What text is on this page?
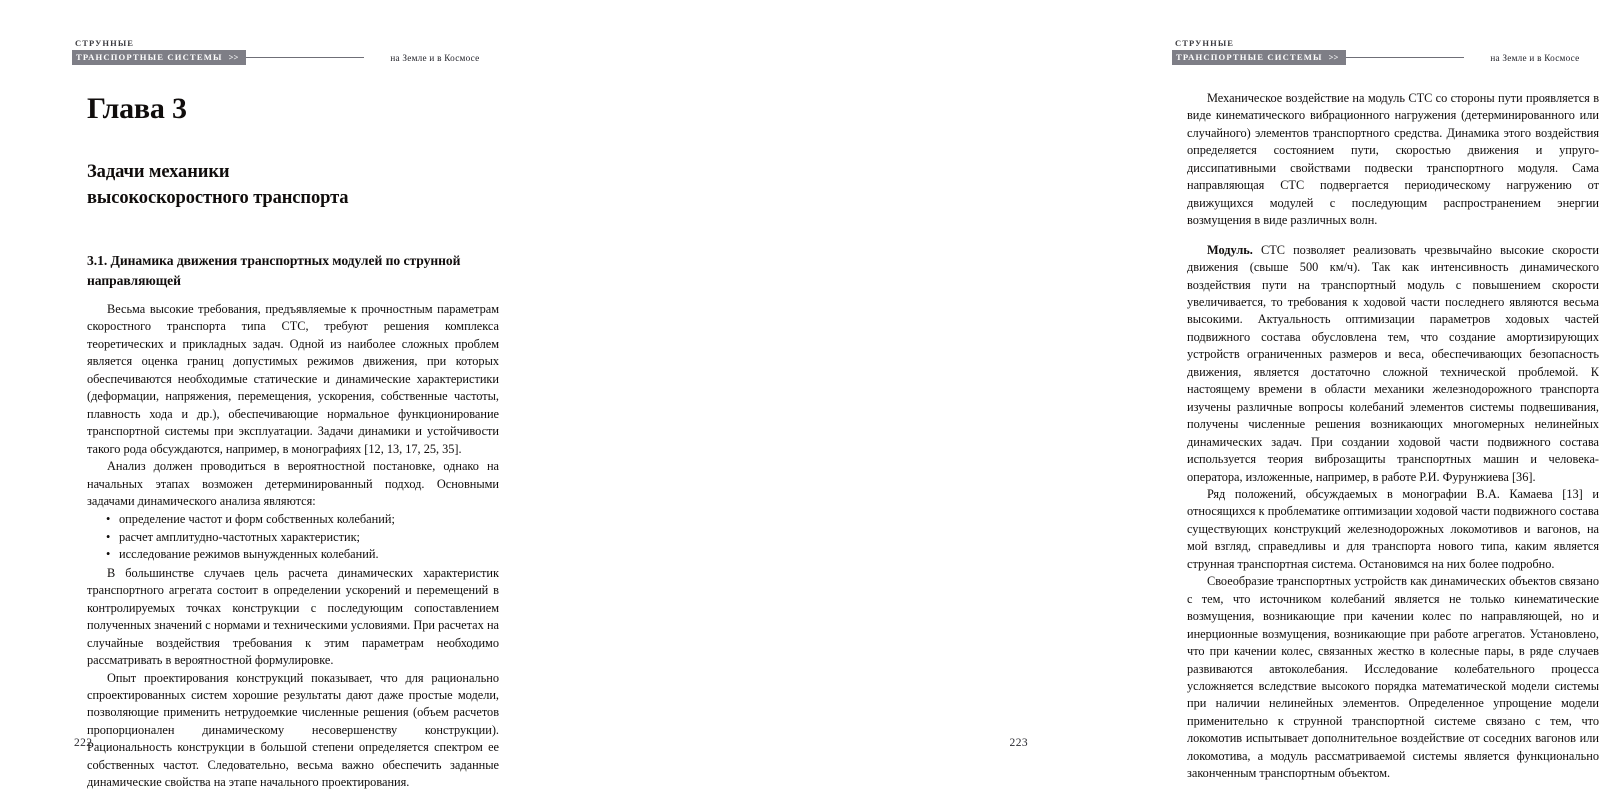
СТРУННЫЕ
ТРАНСПОРТНЫЕ СИСТЕМЫ >>	на Земле и в Космосе
Глава 3
Задачи механики
высокоскоростного транспорта
3.1. Динамика движения транспортных модулей по струнной направляющей

Весьма высокие требования, предъявляемые к прочностным параметрам скоростного транспорта типа СТС, требуют решения комплекса теоретических и прикладных задач. Одной из наиболее сложных проблем является оценка границ допустимых режимов движения, при которых обеспечиваются необходимые статические и динамические характеристики (деформации, напряжения, перемещения, ускорения, собственные частоты, плавность хода и др.), обеспечивающие нормальное функционирование транспортной системы при эксплуатации. Задачи динамики и устойчивости такого рода обсуждаются, например, в монографиях [12, 13, 17, 25, 35].

Анализ должен проводиться в вероятностной постановке, однако на начальных этапах возможен детерминированный подход. Основными задачами динамического анализа являются:

• определение частот и форм собственных колебаний;
• расчет амплитудно-частотных характеристик;
• исследование режимов вынужденных колебаний.

В большинстве случаев цель расчета динамических характеристик транспортного агрегата состоит в определении ускорений и перемещений в контролируемых точках конструкции с последующим сопоставлением полученных значений с нормами и техническими условиями. При расчетах на случайные воздействия требования к этим параметрам необходимо рассматривать в вероятностной формулировке.

Опыт проектирования конструкций показывает, что для рационально спроектированных систем хорошие результаты дают даже простые модели, позволяющие применить нетрудоемкие численные решения (объем расчетов пропорционален динамическому несовершенству конструкции). Рациональность конструкции в большой степени определяется спектром ее собственных частот. Следовательно, весьма важно обеспечить заданные динамические свойства на этапе начального проектирования.

222
СТРУННЫЕ
ТРАНСПОРТНЫЕ СИСТЕМЫ >>	на Земле и в Космосе

Механическое воздействие на модуль СТС со стороны пути проявляется в виде кинематического вибрационного нагружения (детерминированного или случайного) элементов транспортного средства. Динамика этого воздействия определяется состоянием пути, скоростью движения и упруго-диссипативными свойствами подвески транспортного модуля. Сама направляющая СТС подвергается периодическому нагружению от движущихся модулей с последующим распространением энергии возмущения в виде различных волн.

Модуль. СТС позволяет реализовать чрезвычайно высокие скорости движения (свыше 500 км/ч). Так как интенсивность динамического воздействия пути на транспортный модуль с повышением скорости увеличивается, то требования к ходовой части последнего являются весьма высокими. Актуальность оптимизации параметров ходовых частей подвижного состава обусловлена тем, что создание амортизирующих устройств ограниченных размеров и веса, обеспечивающих безопасность движения, является достаточно сложной технической проблемой. К настоящему времени в области механики железнодорожного транспорта изучены различные вопросы колебаний элементов системы подвешивания, получены численные решения возникающих многомерных нелинейных динамических задач. При создании ходовой части подвижного состава используется теория виброзащиты транспортных машин и человека-оператора, изложенные, например, в работе Р.И. Фурунжиева [36].

Ряд положений, обсуждаемых в монографии В.А. Камаева [13] и относящихся к проблематике оптимизации ходовой части подвижного состава существующих конструкций железнодорожных локомотивов и вагонов, на мой взгляд, справедливы и для транспорта нового типа, каким является струнная транспортная система. Остановимся на них более подробно.

Своеобразие транспортных устройств как динамических объектов связано с тем, что источником колебаний является не только кинематические возмущения, возникающие при качении колес по направляющей, но и инерционные возмущения, возникающие при работе агрегатов. Установлено, что при качении колес, связанных жестко в колесные пары, в ряде случаев развиваются автоколебания. Исследование колебательного процесса усложняется вследствие высокого порядка математической модели системы при наличии нелинейных элементов. Определенное упрощение модели применительно к струнной транспортной системе связано с тем, что локомотив испытывает дополнительное воздействие от соседних вагонов или локомотива, а модуль рассматриваемой системы является функционально законченным транспортным объектом.

223
